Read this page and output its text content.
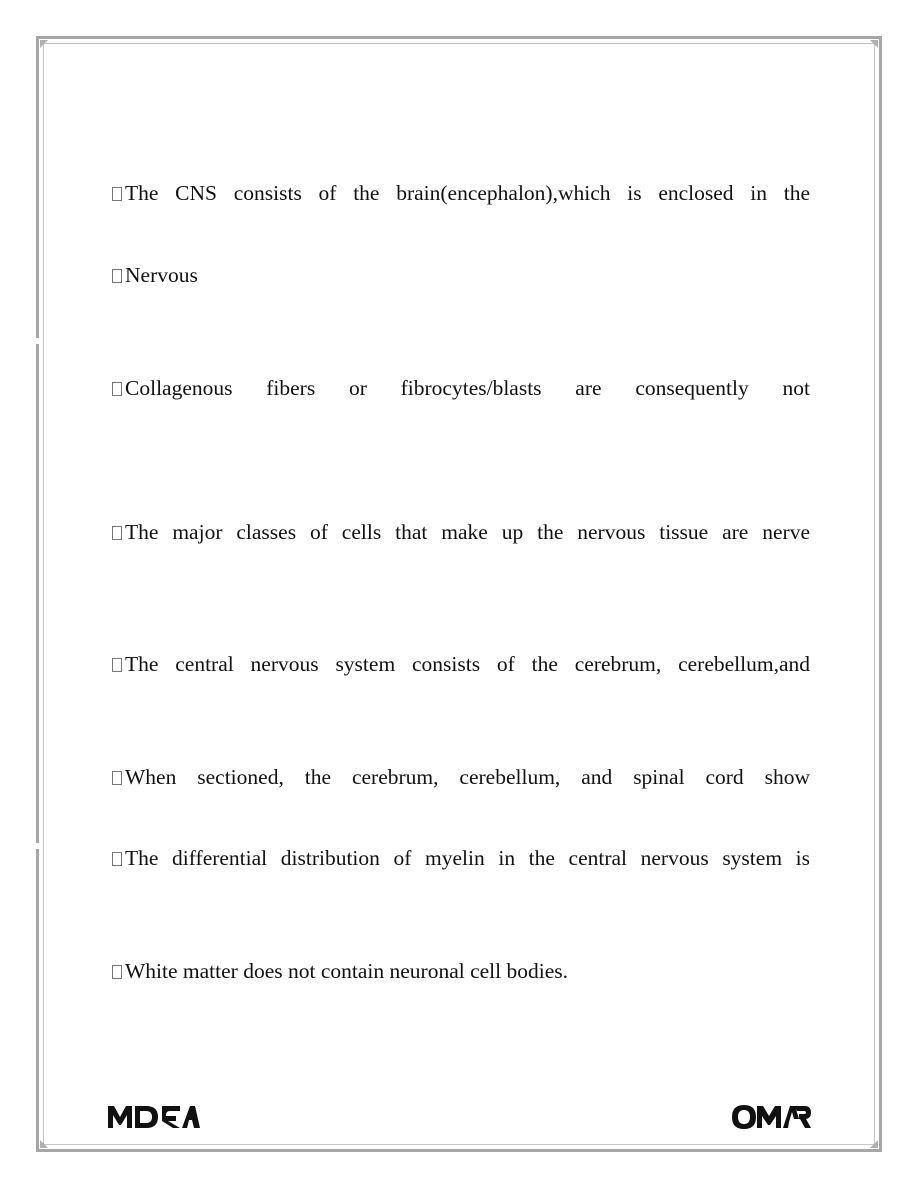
The CNS consists of the brain(encephalon),which is enclosed in the

Nervous

Collagenous fibers or fibrocytes/blasts are consequently not

The major classes of cells that make up the nervous tissue are nerve

The central nervous system consists of the cerebrum, cerebellum,and

When sectioned, the cerebrum, cerebellum, and spinal cord show

The differential distribution of myelin in the central nervous system is

White matter does not contain neuronal cell bodies.
